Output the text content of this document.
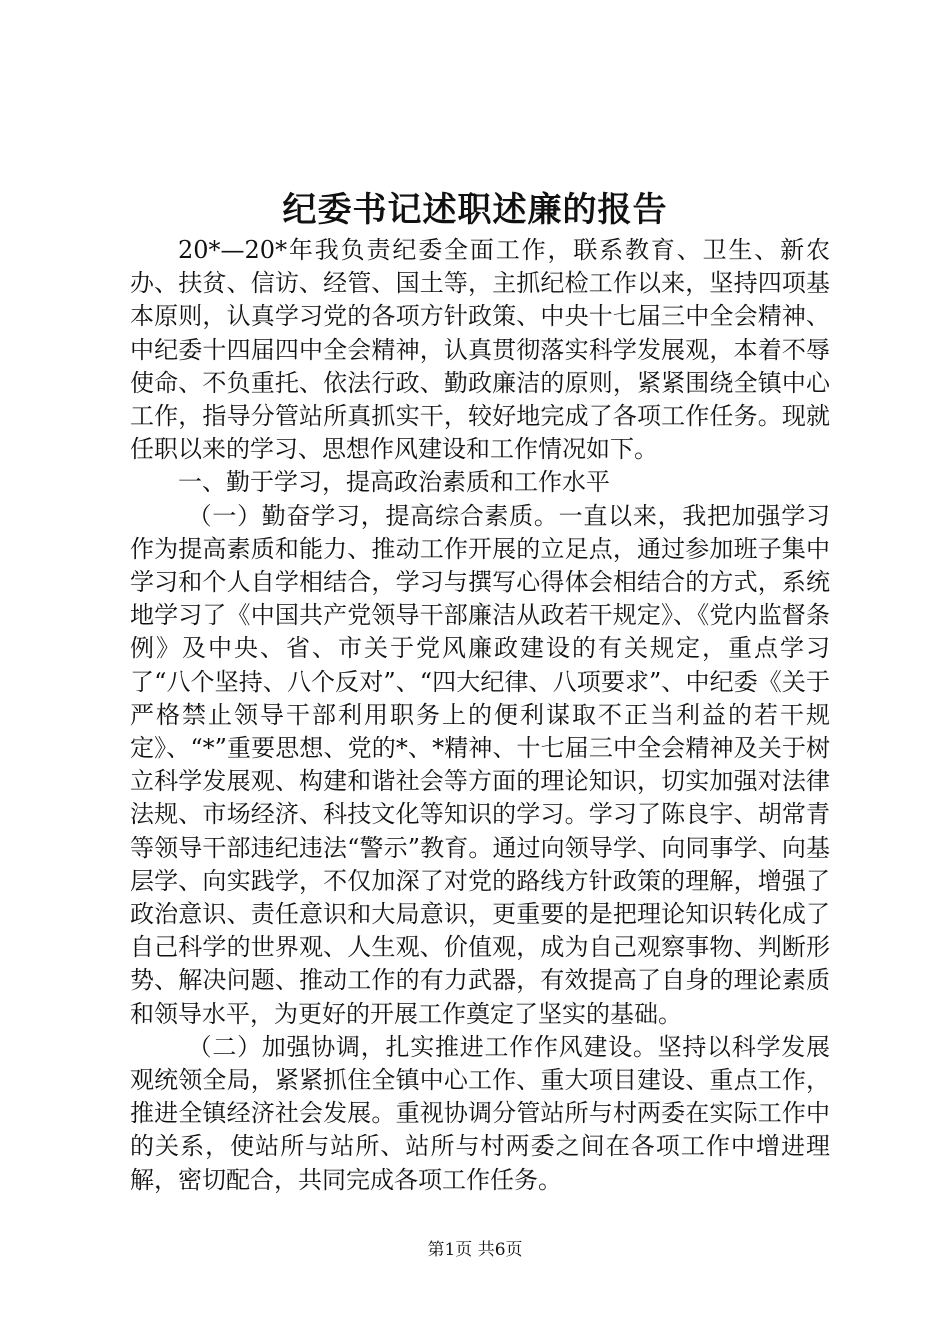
纪委书记述职述廉的报告

20*—20*年我负责纪委全面工作，联系教育、卫生、新农办、扶贫、信访、经管、国土等，主抓纪检工作以来，坚持四项基本原则，认真学习党的各项方针政策、中央十七届三中全会精神、中纪委十四届四中全会精神，认真贯彻落实科学发展观，本着不辱使命、不负重托、依法行政、勤政廉洁的原则，紧紧围绕全镇中心工作，指导分管站所真抓实干，较好地完成了各项工作任务。现就任职以来的学习、思想作风建设和工作情况如下。

一、勤于学习，提高政治素质和工作水平

（一）勤奋学习，提高综合素质。一直以来，我把加强学习作为提高素质和能力、推动工作开展的立足点，通过参加班子集中学习和个人自学相结合，学习与撰写心得体会相结合的方式，系统地学习了《中国共产党领导干部廉洁从政若干规定》、《党内监督条例》及中央、省、市关于党风廉政建设的有关规定，重点学习了“八个坚持、八个反对”、“四大纪律、八项要求”、中纪委《关于严格禁止领导干部利用职务上的便利谋取不正当利益的若干规定》、“*”重要思想、党的*、*精神、十七届三中全会精神及关于树立科学发展观、构建和谐社会等方面的理论知识，切实加强对法律法规、市场经济、科技文化等知识的学习。学习了陈良宇、胡常青等领导干部违纪违法“警示”教育。通过向领导学、向同事学、向基层学、向实践学，不仅加深了对党的路线方针政策的理解，增强了政治意识、责任意识和大局意识，更重要的是把理论知识转化成了自己科学的世界观、人生观、价值观，成为自己观察事物、判断形势、解决问题、推动工作的有力武器，有效提高了自身的理论素质和领导水平，为更好的开展工作奠定了坚实的基础。

（二）加强协调，扎实推进工作作风建设。坚持以科学发展观统领全局，紧紧抓住全镇中心工作、重大项目建设、重点工作，推进全镇经济社会发展。重视协调分管站所与村两委在实际工作中的关系，使站所与站所、站所与村两委之间在各项工作中增进理解，密切配合，共同完成各项工作任务。

第1页 共6页
